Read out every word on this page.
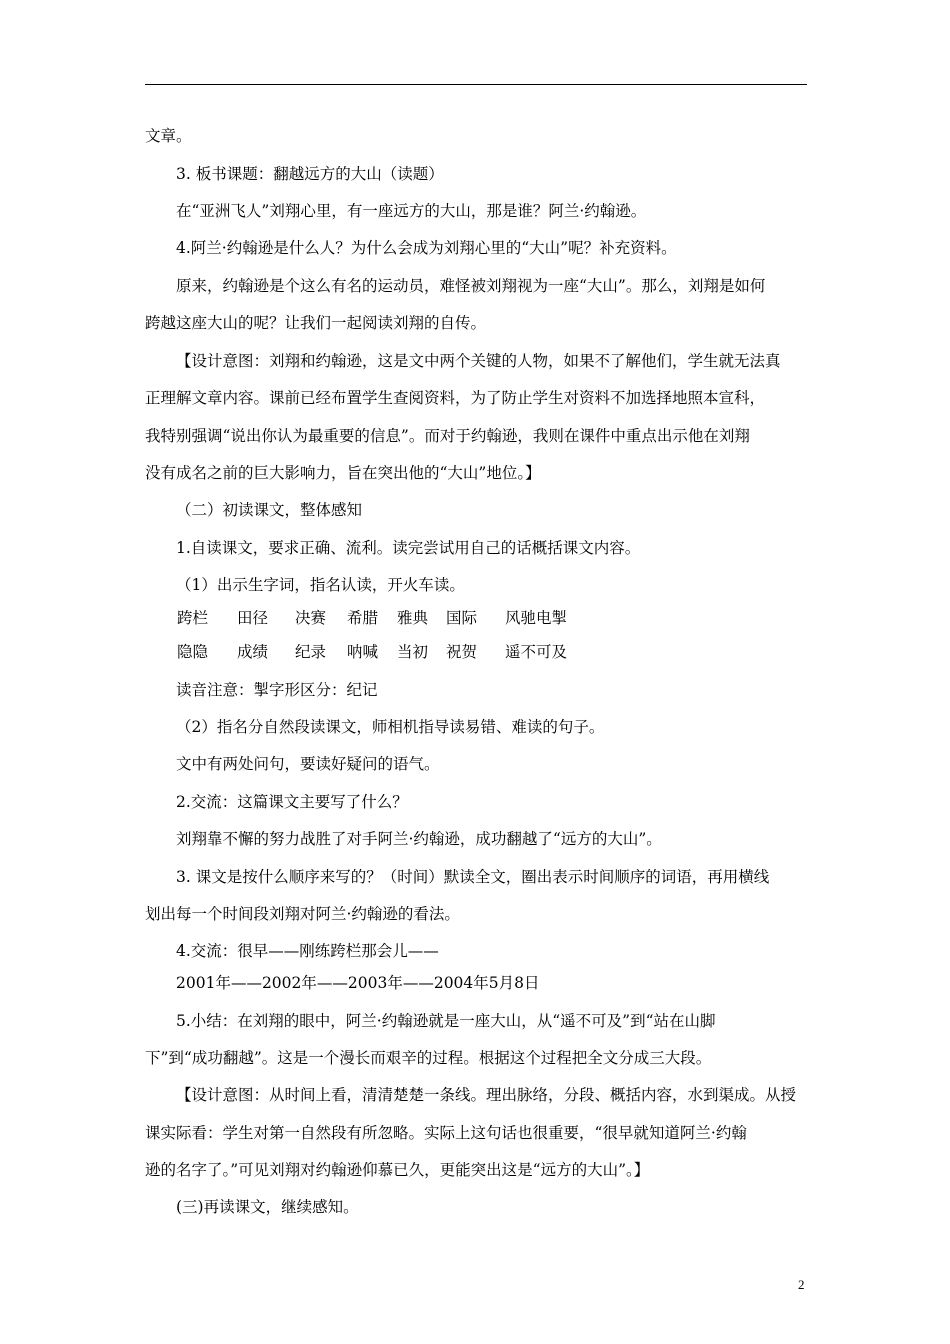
文章。
3. 板书课题：翻越远方的大山（读题）
在“亚洲飞人”刘翔心里，有一座远方的大山，那是谁？阿兰·约翰逊。
4.阿兰·约翰逊是什么人？为什么会成为刘翔心里的“大山”呢？补充资料。
原来，约翰逊是个这么有名的运动员，难怪被刘翔视为一座“大山”。那么，刘翔是如何
跨越这座大山的呢？让我们一起阅读刘翔的自传。
【设计意图：刘翔和约翰逊，这是文中两个关键的人物，如果不了解他们，学生就无法真
正理解文章内容。课前已经布置学生查阅资料，为了防止学生对资料不加选择地照本宣科，
我特别强调“说出你认为最重要的信息”。而对于约翰逊，我则在课件中重点出示他在刘翔
没有成名之前的巨大影响力，旨在突出他的“大山”地位。】
（二）初读课文，整体感知
1.自读课文，要求正确、流利。读完尝试用自己的话概括课文内容。
（1）出示生字词，指名认读，开火车读。
跨栏 田径 决赛 希腊 雅典 国际 风驰电掣
隐隐 成绩 纪录 呐喊 当初 祝贺 遥不可及
读音注意：掣字形区分：纪记
（2）指名分自然段读课文，师相机指导读易错、难读的句子。
文中有两处问句，要读好疑问的语气。
2.交流：这篇课文主要写了什么？
刘翔靠不懈的努力战胜了对手阿兰·约翰逊，成功翻越了“远方的大山”。
3. 课文是按什么顺序来写的？（时间）默读全文，圈出表示时间顺序的词语，再用横线
划出每一个时间段刘翔对阿兰·约翰逊的看法。
4.交流：很早——刚练跨栏那会儿——
2001年——2002年——2003年——2004年5月8日
5.小结：在刘翔的眼中，阿兰·约翰逊就是一座大山，从“遥不可及”到“站在山脚
下”到“成功翻越”。这是一个漫长而艰辛的过程。根据这个过程把全文分成三大段。
【设计意图：从时间上看，清清楚楚一条线。理出脉络，分段、概括内容，水到渠成。从授
课实际看：学生对第一自然段有所忽略。实际上这句话也很重要，“很早就知道阿兰·约翰
逊的名字了。”可见刘翔对约翰逊仰慕已久，更能突出这是“远方的大山”。】
(三)再读课文，继续感知。
2
